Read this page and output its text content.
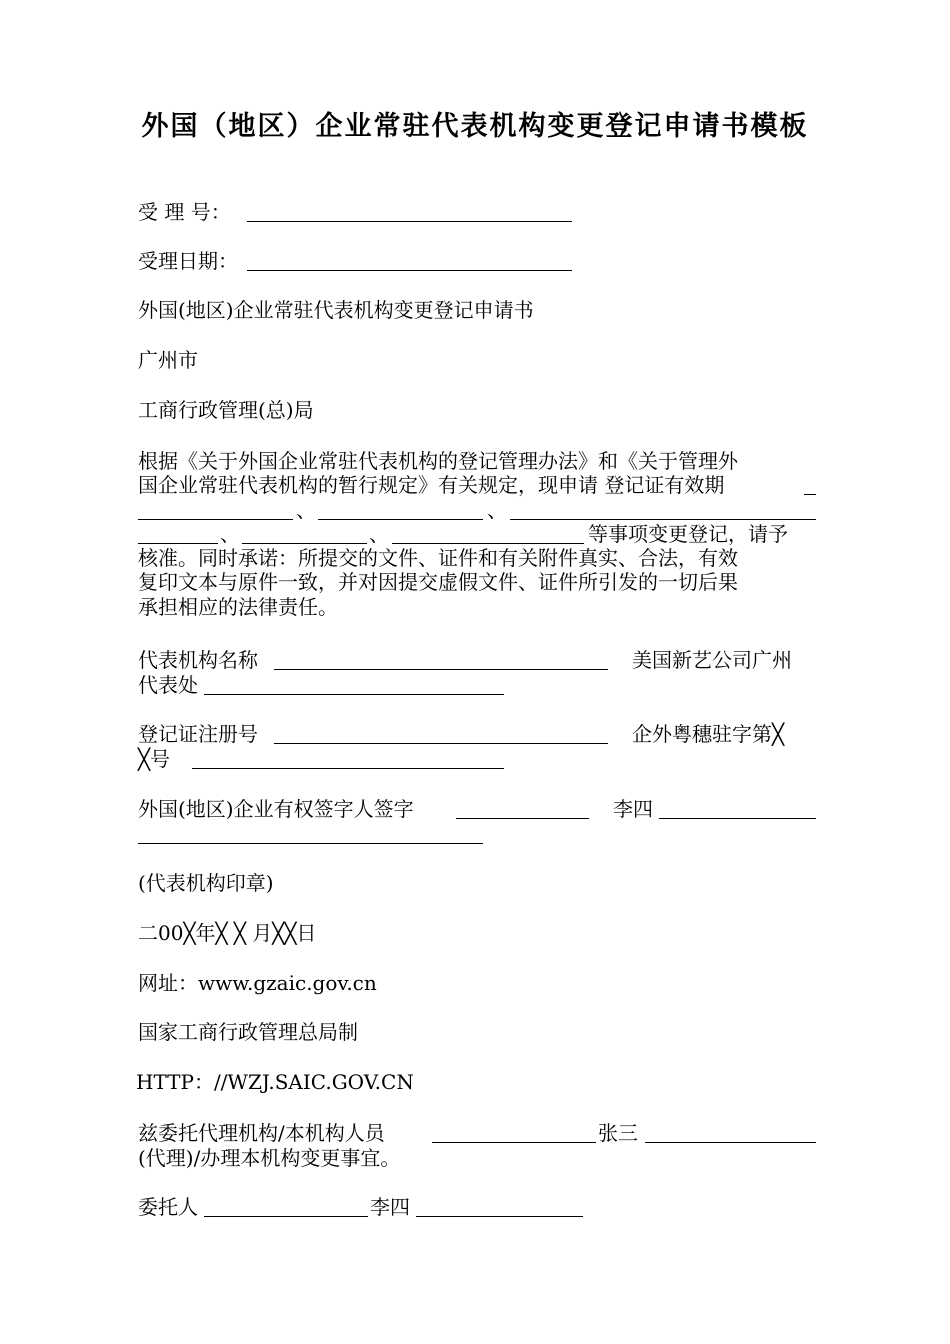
外国（地区）企业常驻代表机构变更登记申请书模板
受 理 号：
受理日期：
外国(地区)企业常驻代表机构变更登记申请书
广州市
工商行政管理(总)局
根据《关于外国企业常驻代表机构的登记管理办法》和《关于管理外
国企业常驻代表机构的暂行规定》有关规定，现申请 登记证有效期
、	、
、	、	等事项变更登记，请予
核准。同时承诺：所提交的文件、证件和有关附件真实、合法，有效
复印文本与原件一致，并对因提交虚假文件、证件所引发的一切后果
承担相应的法律责任。
代表机构名称	美国新艺公司广州
代表处
登记证注册号	企外粤穗驻字第╳
╳号
外国(地区)企业有权签字人签字	李四
(代表机构印章)
二00╳年╳ ╳ 月╳╳日
网址：www.gzaic.gov.cn
国家工商行政管理总局制
HTTP：//WZJ.SAIC.GOV.CN
兹委托代理机构/本机构人员	张三
(代理)/办理本机构变更事宜。
委托人	李四
